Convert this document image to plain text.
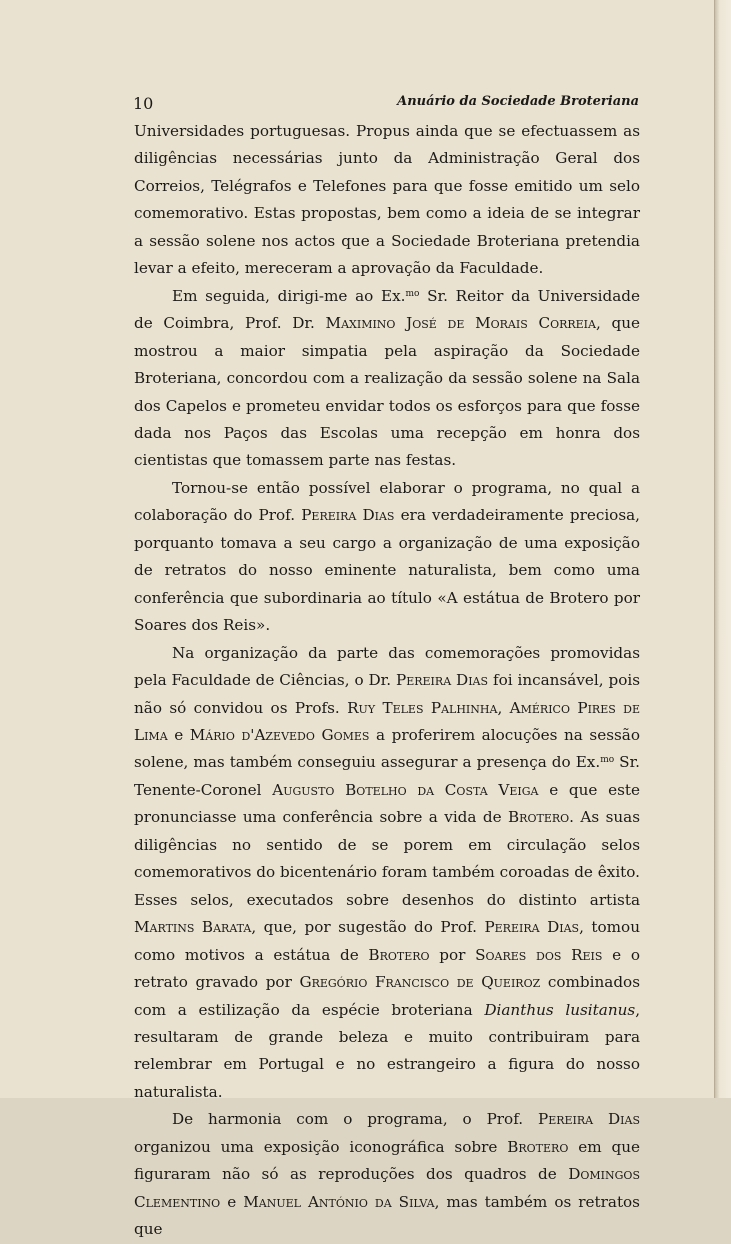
10	Anuário da Sociedade Broteriana

Universidades portuguesas. Propus ainda que se efectuassem as diligências necessárias junto da Administração Geral dos Correios, Telégrafos e Telefones para que fosse emitido um selo comemorativo. Estas propostas, bem como a ideia de se integrar a sessão solene nos actos que a Sociedade Broteriana pretendia levar a efeito, mereceram a aprovação da Faculdade.

Em seguida, dirigi-me ao Ex.$^{mo}$ Sr. Reitor da Universidade de Coimbra, Prof. Dr. Maximino José de Morais Correia, que mostrou a maior simpatia pela aspiração da Sociedade Broteriana, concordou com a realização da sessão solene na Sala dos Capelos e prometeu envidar todos os esforços para que fosse dada nos Paços das Escolas uma recepção em honra dos cientistas que tomassem parte nas festas.

Tornou-se então possível elaborar o programa, no qual a colaboração do Prof. Pereira Dias era verdadeiramente preciosa, porquanto tomava a seu cargo a organização de uma exposição de retratos do nosso eminente naturalista, bem como uma conferência que subordinaria ao título «A estátua de Brotero por Soares dos Reis».

Na organização da parte das comemorações promovidas pela Faculdade de Ciências, o Dr. Pereira Dias foi incansável, pois não só convidou os Profs. Ruy Teles Palhinha, Américo Pires de Lima e Mário d'Azevedo Gomes a proferirem alocuções na sessão solene, mas também conseguiu assegurar a presença do Ex.$^{mo}$ Sr. Tenente-Coronel Augusto Botelho da Costa Veiga e que este pronunciasse uma conferência sobre a vida de Brotero. As suas diligências no sentido de se porem em circulação selos comemorativos do bicentenário foram também coroadas de êxito. Esses selos, executados sobre desenhos do distinto artista Martins Barata, que, por sugestão do Prof. Pereira Dias, tomou como motivos a estátua de Brotero por Soares dos Reis e o retrato gravado por Gregório Francisco de Queiroz combinados com a estilização da espécie broteriana Dianthus lusitanus, resultaram de grande beleza e muito contribuiram para relembrar em Portugal e no estrangeiro a figura do nosso naturalista.

De harmonia com o programa, o Prof. Pereira Dias organizou uma exposição iconográfica sobre Brotero em que figuraram não só as reproduções dos quadros de Domingos Clementino e Manuel António da Silva, mas também os retratos que
